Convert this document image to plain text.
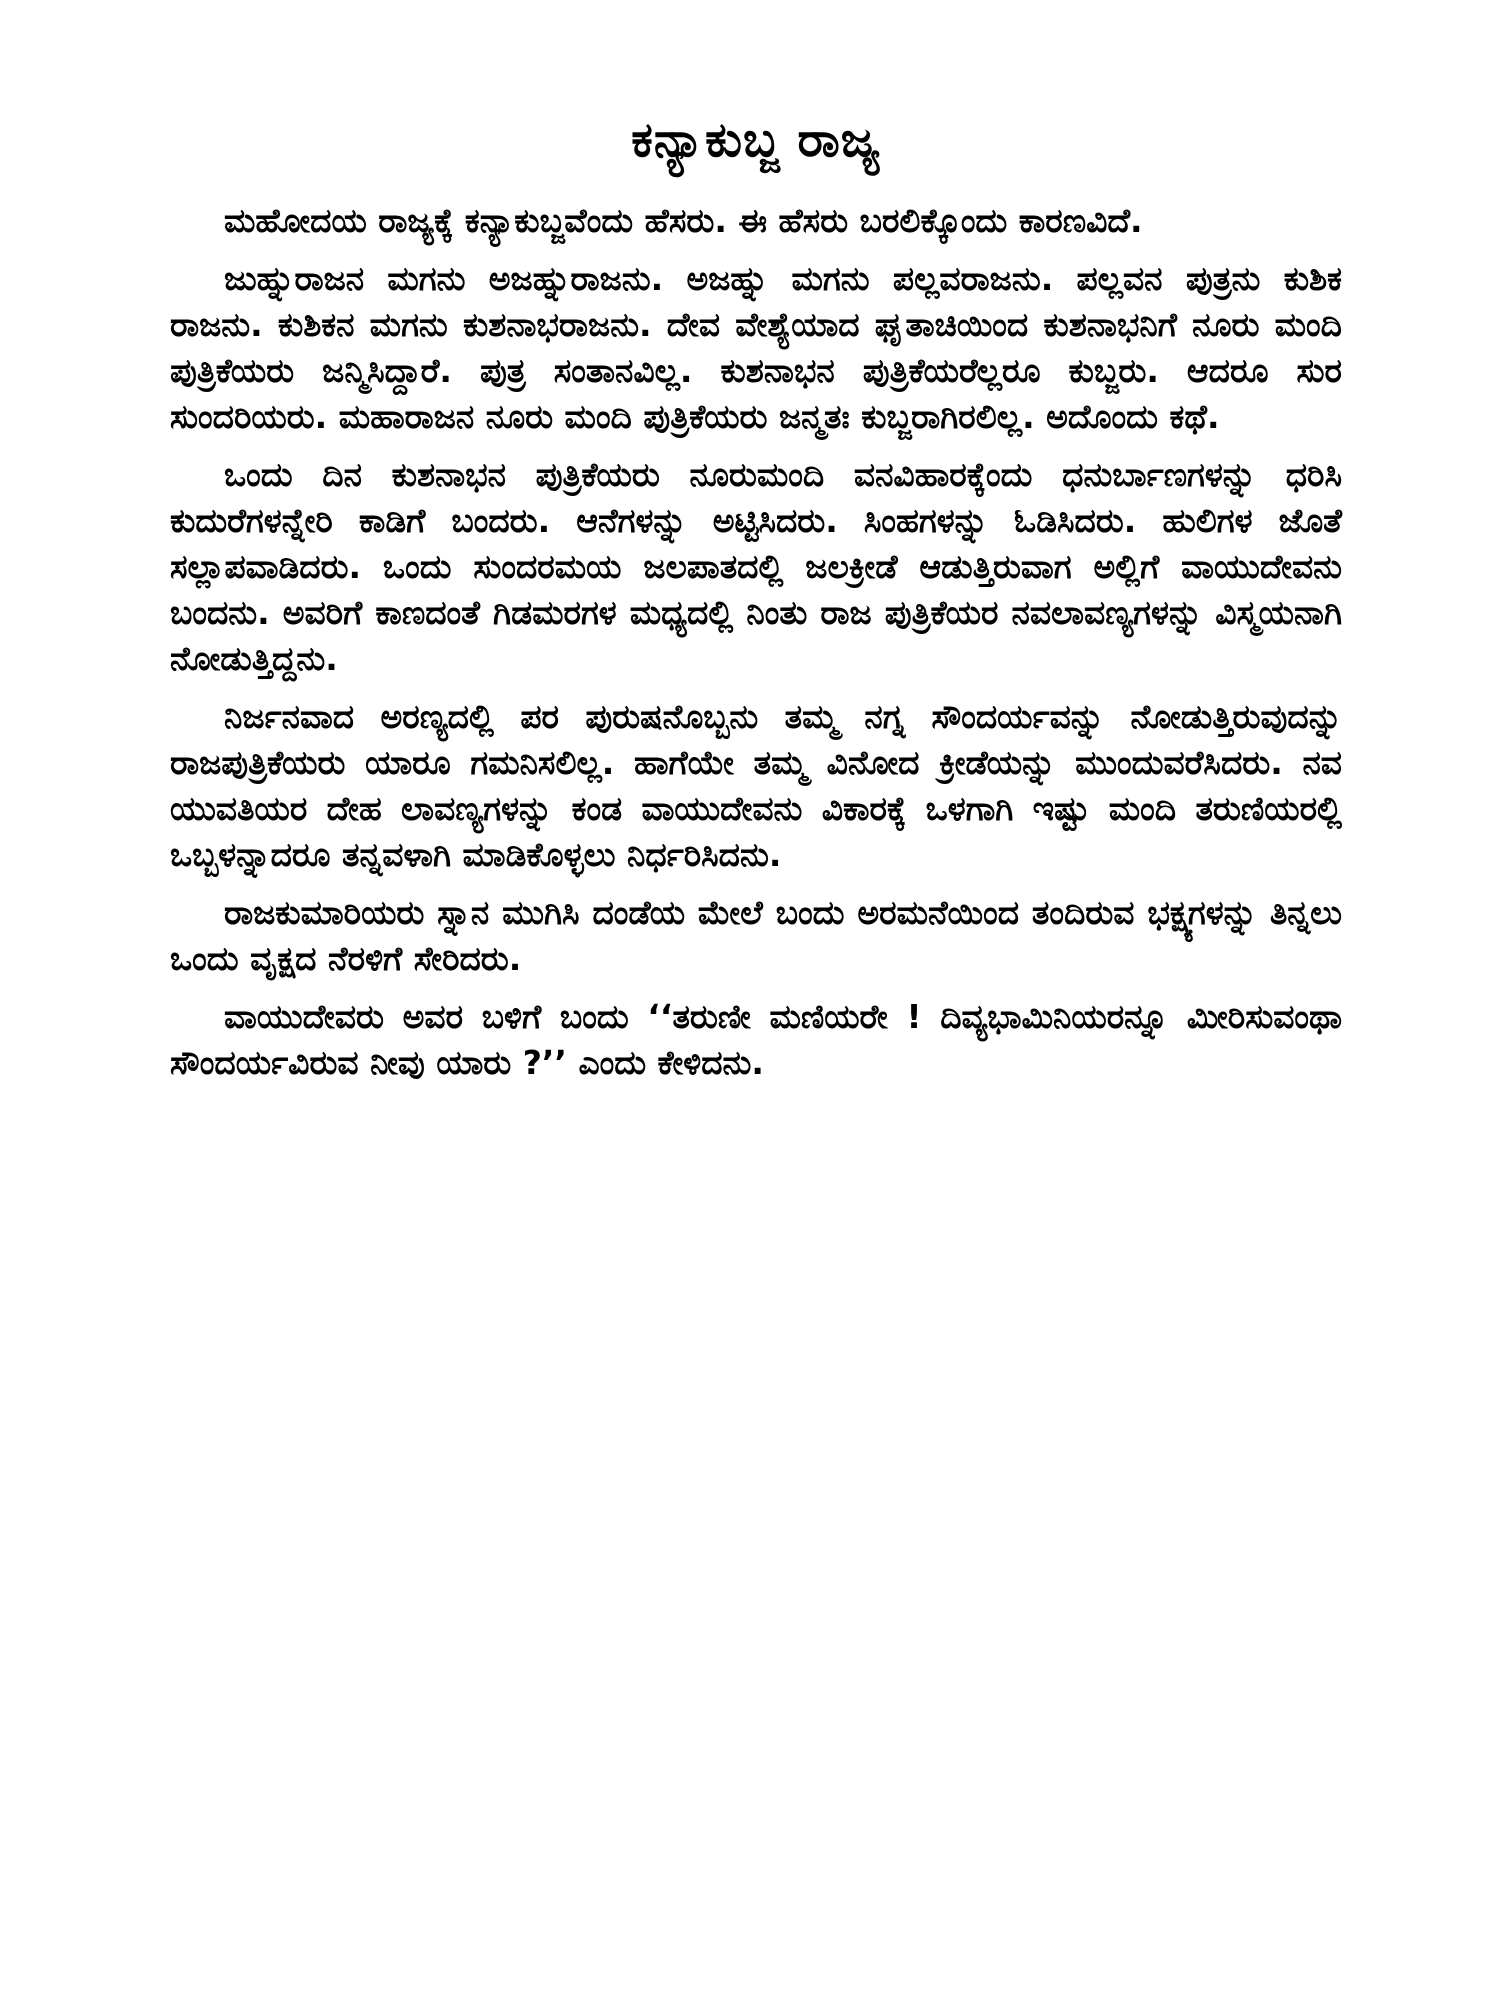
ಕನ್ಯಾಕುಬ್ಜ ರಾಜ್ಯ

ಮಹೋದಯ ರಾಜ್ಯಕ್ಕೆ ಕನ್ಯಾಕುಬ್ಜವೆಂದು ಹೆಸರು. ಈ ಹೆಸರು ಬರಲಿಕ್ಕೊಂದು ಕಾರಣವಿದೆ.

ಜುಹ್ನುರಾಜನ ಮಗನು ಅಜಹ್ನುರಾಜನು. ಅಜಹ್ನು ಮಗನು ಪಲ್ಲವರಾಜನು. ಪಲ್ಲವನ ಪುತ್ರನು ಕುಶಿಕ ರಾಜನು. ಕುಶಿಕನ ಮಗನು ಕುಶನಾಭರಾಜನು. ದೇವ ವೇಶ್ಯೆಯಾದ ಘೃತಾಚಿಯಿಂದ ಕುಶನಾಭನಿಗೆ ನೂರು ಮಂದಿ ಪುತ್ರಿಕೆಯರು ಜನ್ಮಿಸಿದ್ದಾರೆ. ಪುತ್ರ ಸಂತಾನವಿಲ್ಲ. ಕುಶನಾಭನ ಪುತ್ರಿಕೆಯರೆಲ್ಲರೂ ಕುಬ್ಜರು. ಆದರೂ ಸುರ ಸುಂದರಿಯರು. ಮಹಾರಾಜನ ನೂರು ಮಂದಿ ಪುತ್ರಿಕೆಯರು ಜನ್ಮತಃ ಕುಬ್ಜರಾಗಿರಲಿಲ್ಲ. ಅದೊಂದು ಕಥೆ.

ಒಂದು ದಿನ ಕುಶನಾಭನ ಪುತ್ರಿಕೆಯರು ನೂರುಮಂದಿ ವನವಿಹಾರಕ್ಕೆಂದು ಧನುರ್ಬಾಣಗಳನ್ನು ಧರಿಸಿ ಕುದುರೆಗಳನ್ನೇರಿ ಕಾಡಿಗೆ ಬಂದರು. ಆನೆಗಳನ್ನು ಅಟ್ಟಿಸಿದರು. ಸಿಂಹಗಳನ್ನು ಓಡಿಸಿದರು. ಹುಲಿಗಳ ಜೊತೆ ಸಲ್ಲಾಪವಾಡಿದರು. ಒಂದು ಸುಂದರಮಯ ಜಲಪಾತದಲ್ಲಿ ಜಲಕ್ರೀಡೆ ಆಡುತ್ತಿರುವಾಗ ಅಲ್ಲಿಗೆ ವಾಯುದೇವನು ಬಂದನು. ಅವರಿಗೆ ಕಾಣದಂತೆ ಗಿಡಮರಗಳ ಮಧ್ಯದಲ್ಲಿ ನಿಂತು ರಾಜ ಪುತ್ರಿಕೆಯರ ನವಲಾವಣ್ಯಗಳನ್ನು ವಿಸ್ಮಯನಾಗಿ ನೋಡುತ್ತಿದ್ದನು.

ನಿರ್ಜನವಾದ ಅರಣ್ಯದಲ್ಲಿ ಪರ ಪುರುಷನೊಬ್ಬನು ತಮ್ಮ ನಗ್ನ ಸೌಂದರ್ಯವನ್ನು ನೋಡುತ್ತಿರುವುದನ್ನು ರಾಜಪುತ್ರಿಕೆಯರು ಯಾರೂ ಗಮನಿಸಲಿಲ್ಲ. ಹಾಗೆಯೇ ತಮ್ಮ ವಿನೋದ ಕ್ರೀಡೆಯನ್ನು ಮುಂದುವರೆಸಿದರು. ನವ ಯುವತಿಯರ ದೇಹ ಲಾವಣ್ಯಗಳನ್ನು ಕಂಡ ವಾಯುದೇವನು ವಿಕಾರಕ್ಕೆ ಒಳಗಾಗಿ ಇಷ್ಟು ಮಂದಿ ತರುಣಿಯರಲ್ಲಿ ಒಬ್ಬಳನ್ನಾದರೂ ತನ್ನವಳಾಗಿ ಮಾಡಿಕೊಳ್ಳಲು ನಿರ್ಧರಿಸಿದನು.

ರಾಜಕುಮಾರಿಯರು ಸ್ನಾನ ಮುಗಿಸಿ ದಂಡೆಯ ಮೇಲೆ ಬಂದು ಅರಮನೆಯಿಂದ ತಂದಿರುವ ಭಕ್ಷ್ಯಗಳನ್ನು ತಿನ್ನಲು ಒಂದು ವೃಕ್ಷದ ನೆರಳಿಗೆ ಸೇರಿದರು.

ವಾಯುದೇವರು ಅವರ ಬಳಿಗೆ ಬಂದು ‘‘ತರುಣೀ ಮಣಿಯರೇ ! ದಿವ್ಯಭಾಮಿನಿಯರನ್ನೂ ಮೀರಿಸುವಂಥಾ ಸೌಂದರ್ಯವಿರುವ ನೀವು ಯಾರು ?’’ ಎಂದು ಕೇಳಿದನು.
